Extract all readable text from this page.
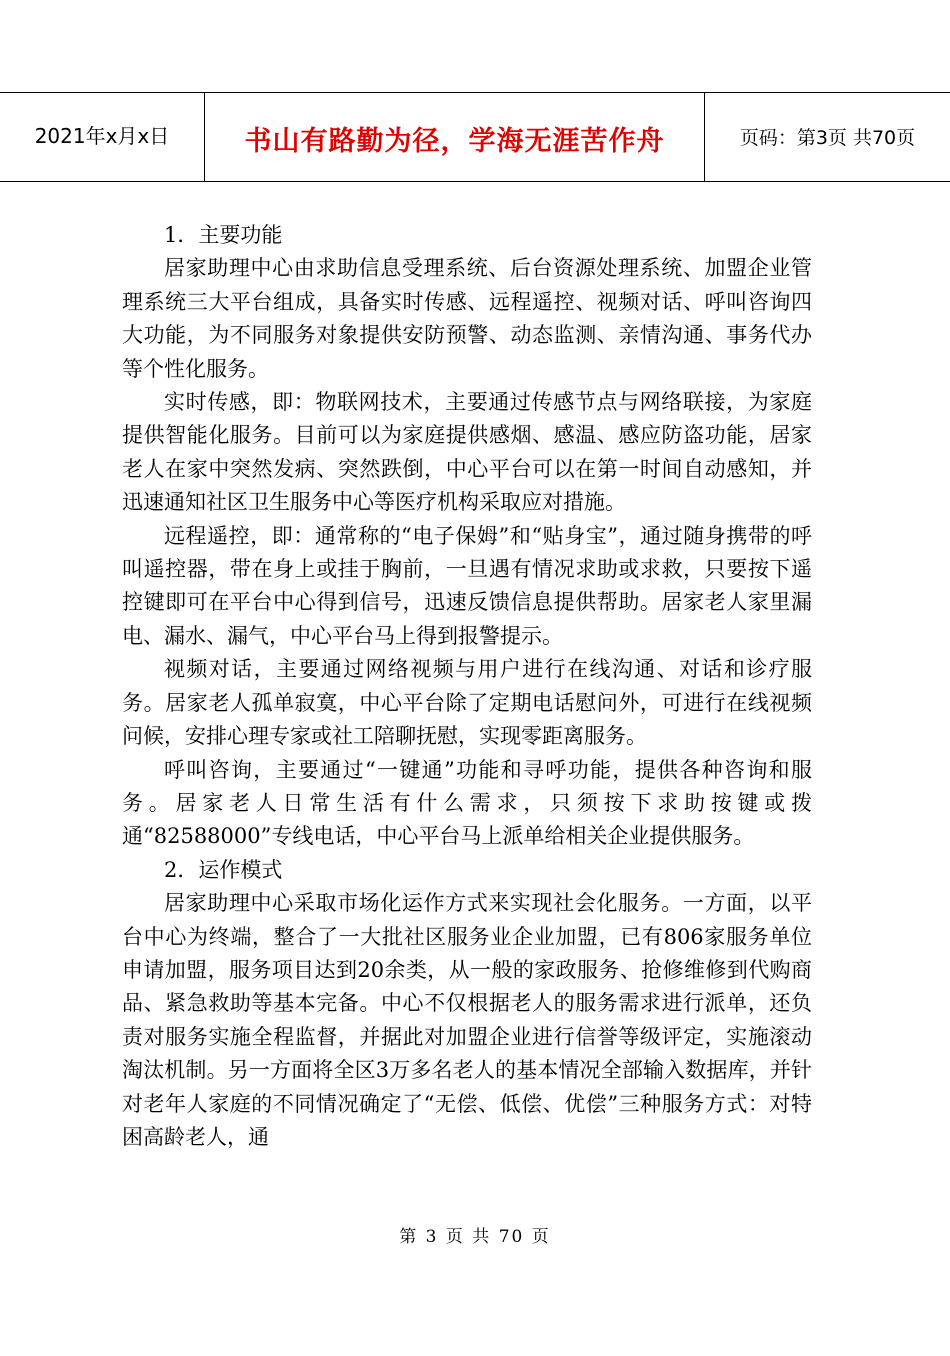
2021年x月x日	书山有路勤为径，学海无涯苦作舟	页码：第3页 共70页

1．主要功能

居家助理中心由求助信息受理系统、后台资源处理系统、加盟企业管理系统三大平台组成，具备实时传感、远程遥控、视频对话、呼叫咨询四大功能，为不同服务对象提供安防预警、动态监测、亲情沟通、事务代办等个性化服务。

实时传感，即：物联网技术，主要通过传感节点与网络联接，为家庭提供智能化服务。目前可以为家庭提供感烟、感温、感应防盗功能，居家老人在家中突然发病、突然跌倒，中心平台可以在第一时间自动感知，并迅速通知社区卫生服务中心等医疗机构采取应对措施。

远程遥控，即：通常称的“电子保姆”和“贴身宝”，通过随身携带的呼叫遥控器，带在身上或挂于胸前，一旦遇有情况求助或求救，只要按下遥控键即可在平台中心得到信号，迅速反馈信息提供帮助。居家老人家里漏电、漏水、漏气，中心平台马上得到报警提示。

视频对话，主要通过网络视频与用户进行在线沟通、对话和诊疗服务。居家老人孤单寂寞，中心平台除了定期电话慰问外，可进行在线视频问候，安排心理专家或社工陪聊抚慰，实现零距离服务。

呼叫咨询，主要通过“一键通”功能和寻呼功能，提供各种咨询和服务。居家老人日常生活有什么需求，只须按下求助按键或拨通“82588000”专线电话，中心平台马上派单给相关企业提供服务。

2．运作模式

居家助理中心采取市场化运作方式来实现社会化服务。一方面，以平台中心为终端，整合了一大批社区服务业企业加盟，已有806家服务单位申请加盟，服务项目达到20余类，从一般的家政服务、抢修维修到代购商品、紧急救助等基本完备。中心不仅根据老人的服务需求进行派单，还负责对服务实施全程监督，并据此对加盟企业进行信誉等级评定，实施滚动淘汰机制。另一方面将全区3万多名老人的基本情况全部输入数据库，并针对老年人家庭的不同情况确定了“无偿、低偿、优偿”三种服务方式：对特困高龄老人，通

第 3 页 共 70 页
